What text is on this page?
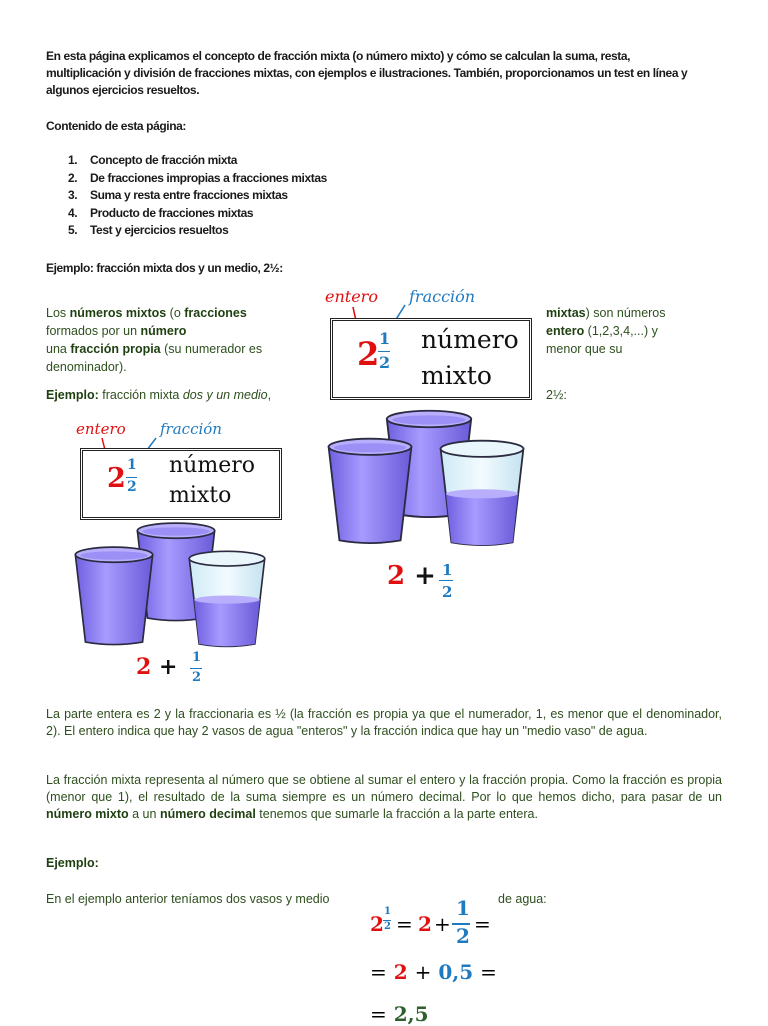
En esta página explicamos el concepto de fracción mixta (o número mixto) y cómo se calculan la suma, resta,
multiplicación y división de fracciones mixtas, con ejemplos e ilustraciones. También, proporcionamos un test en línea y
algunos ejercicios resueltos.
Contenido de esta página:
1. Concepto de fracción mixta
2. De fracciones impropias a fracciones mixtas
3. Suma y resta entre fracciones mixtas
4. Producto de fracciones mixtas
5. Test y ejercicios resueltos
Ejemplo: fracción mixta dos y un medio, 2½:
Los números mixtos (o fracciones
formados por un número
una fracción propia (su numerador es
denominador).
Ejemplo: fracción mixta dos y un medio,
mixtas) son números
entero (1,2,3,4,...) y
menor que su
2½:
entero fracción
2 1
2
número
mixto
2 + 1
2
entero fracción
2 1
2
número
mixto
2 + 1
2
La parte entera es 2 y la fraccionaria es ½ (la fracción es propia ya que el numerador, 1, es menor que el denominador, 2). El entero indica que hay 2 vasos de agua "enteros" y la fracción indica que hay un "medio vaso" de agua.
La fracción mixta representa al número que se obtiene al sumar el entero y la fracción propia. Como la fracción es propia (menor que 1), el resultado de la suma siempre es un número decimal. Por lo que hemos dicho, para pasar de un número mixto a un número decimal tenemos que sumarle la fracción a la parte entera.
Ejemplo:
En el ejemplo anterior teníamos dos vasos y medio	de agua:
2
1
2 = 2 +
1
2 =
= 2 + 0,5 =
= 2,5
